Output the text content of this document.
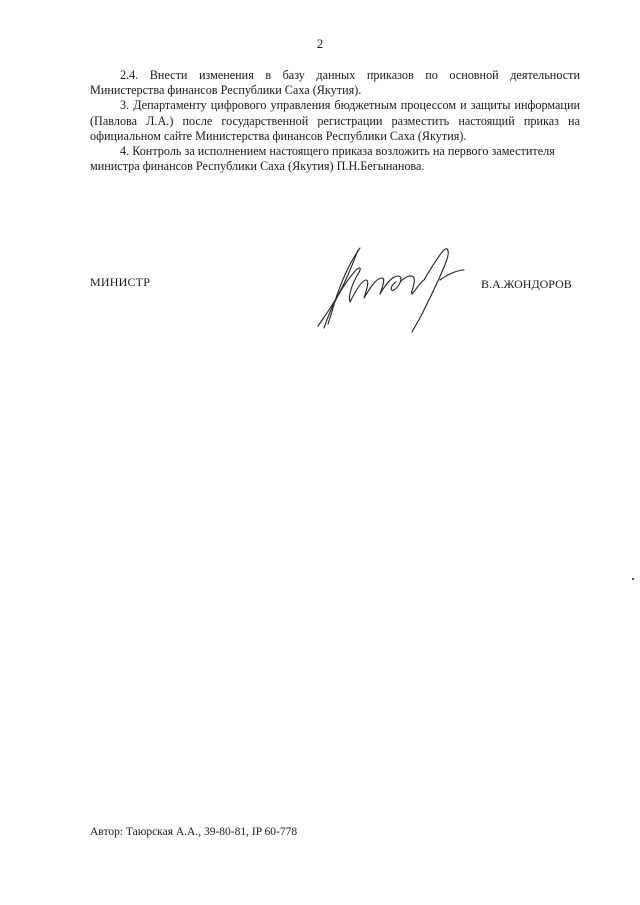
2

2.4. Внести изменения в базу данных приказов по основной деятельности Министерства финансов Республики Саха (Якутия).

3. Департаменту цифрового управления бюджетным процессом и защиты информации (Павлова Л.А.) после государственной регистрации разместить настоящий приказ на официальном сайте Министерства финансов Республики Саха (Якутия).

4. Контроль за исполнением настоящего приказа возложить на первого заместителя министра финансов Республики Саха (Якутия) П.Н.Бегынанова.

МИНИСТР	В.А.ЖОНДОРОВ
Автор: Таюрская А.А., 39-80-81, IP 60-778
